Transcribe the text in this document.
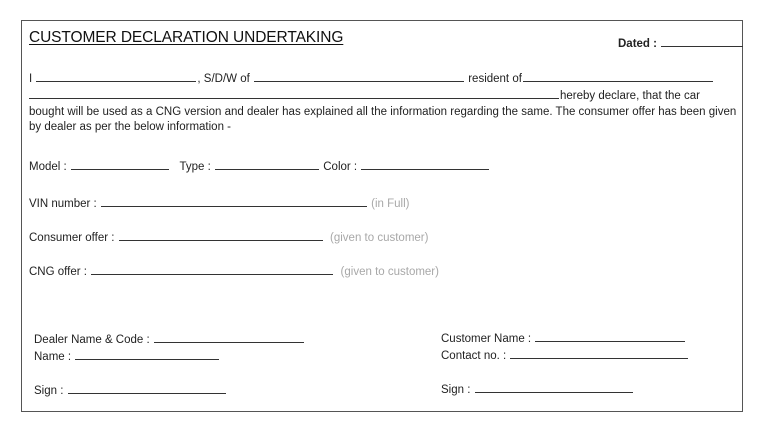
CUSTOMER DECLARATION UNDERTAKING	Dated :
I	, S/D/W of	resident of
hereby declare, that the car
bought will be used as a CNG version and dealer has explained all the information regarding the same. The consumer offer has been given by dealer as per the below information -
Model :	Type :	Color :
VIN number :	(in Full)
Consumer offer :	(given to customer)
CNG offer :	(given to customer)
Dealer Name & Code :
Name :
Sign :
Customer Name :
Contact no. :
Sign :
